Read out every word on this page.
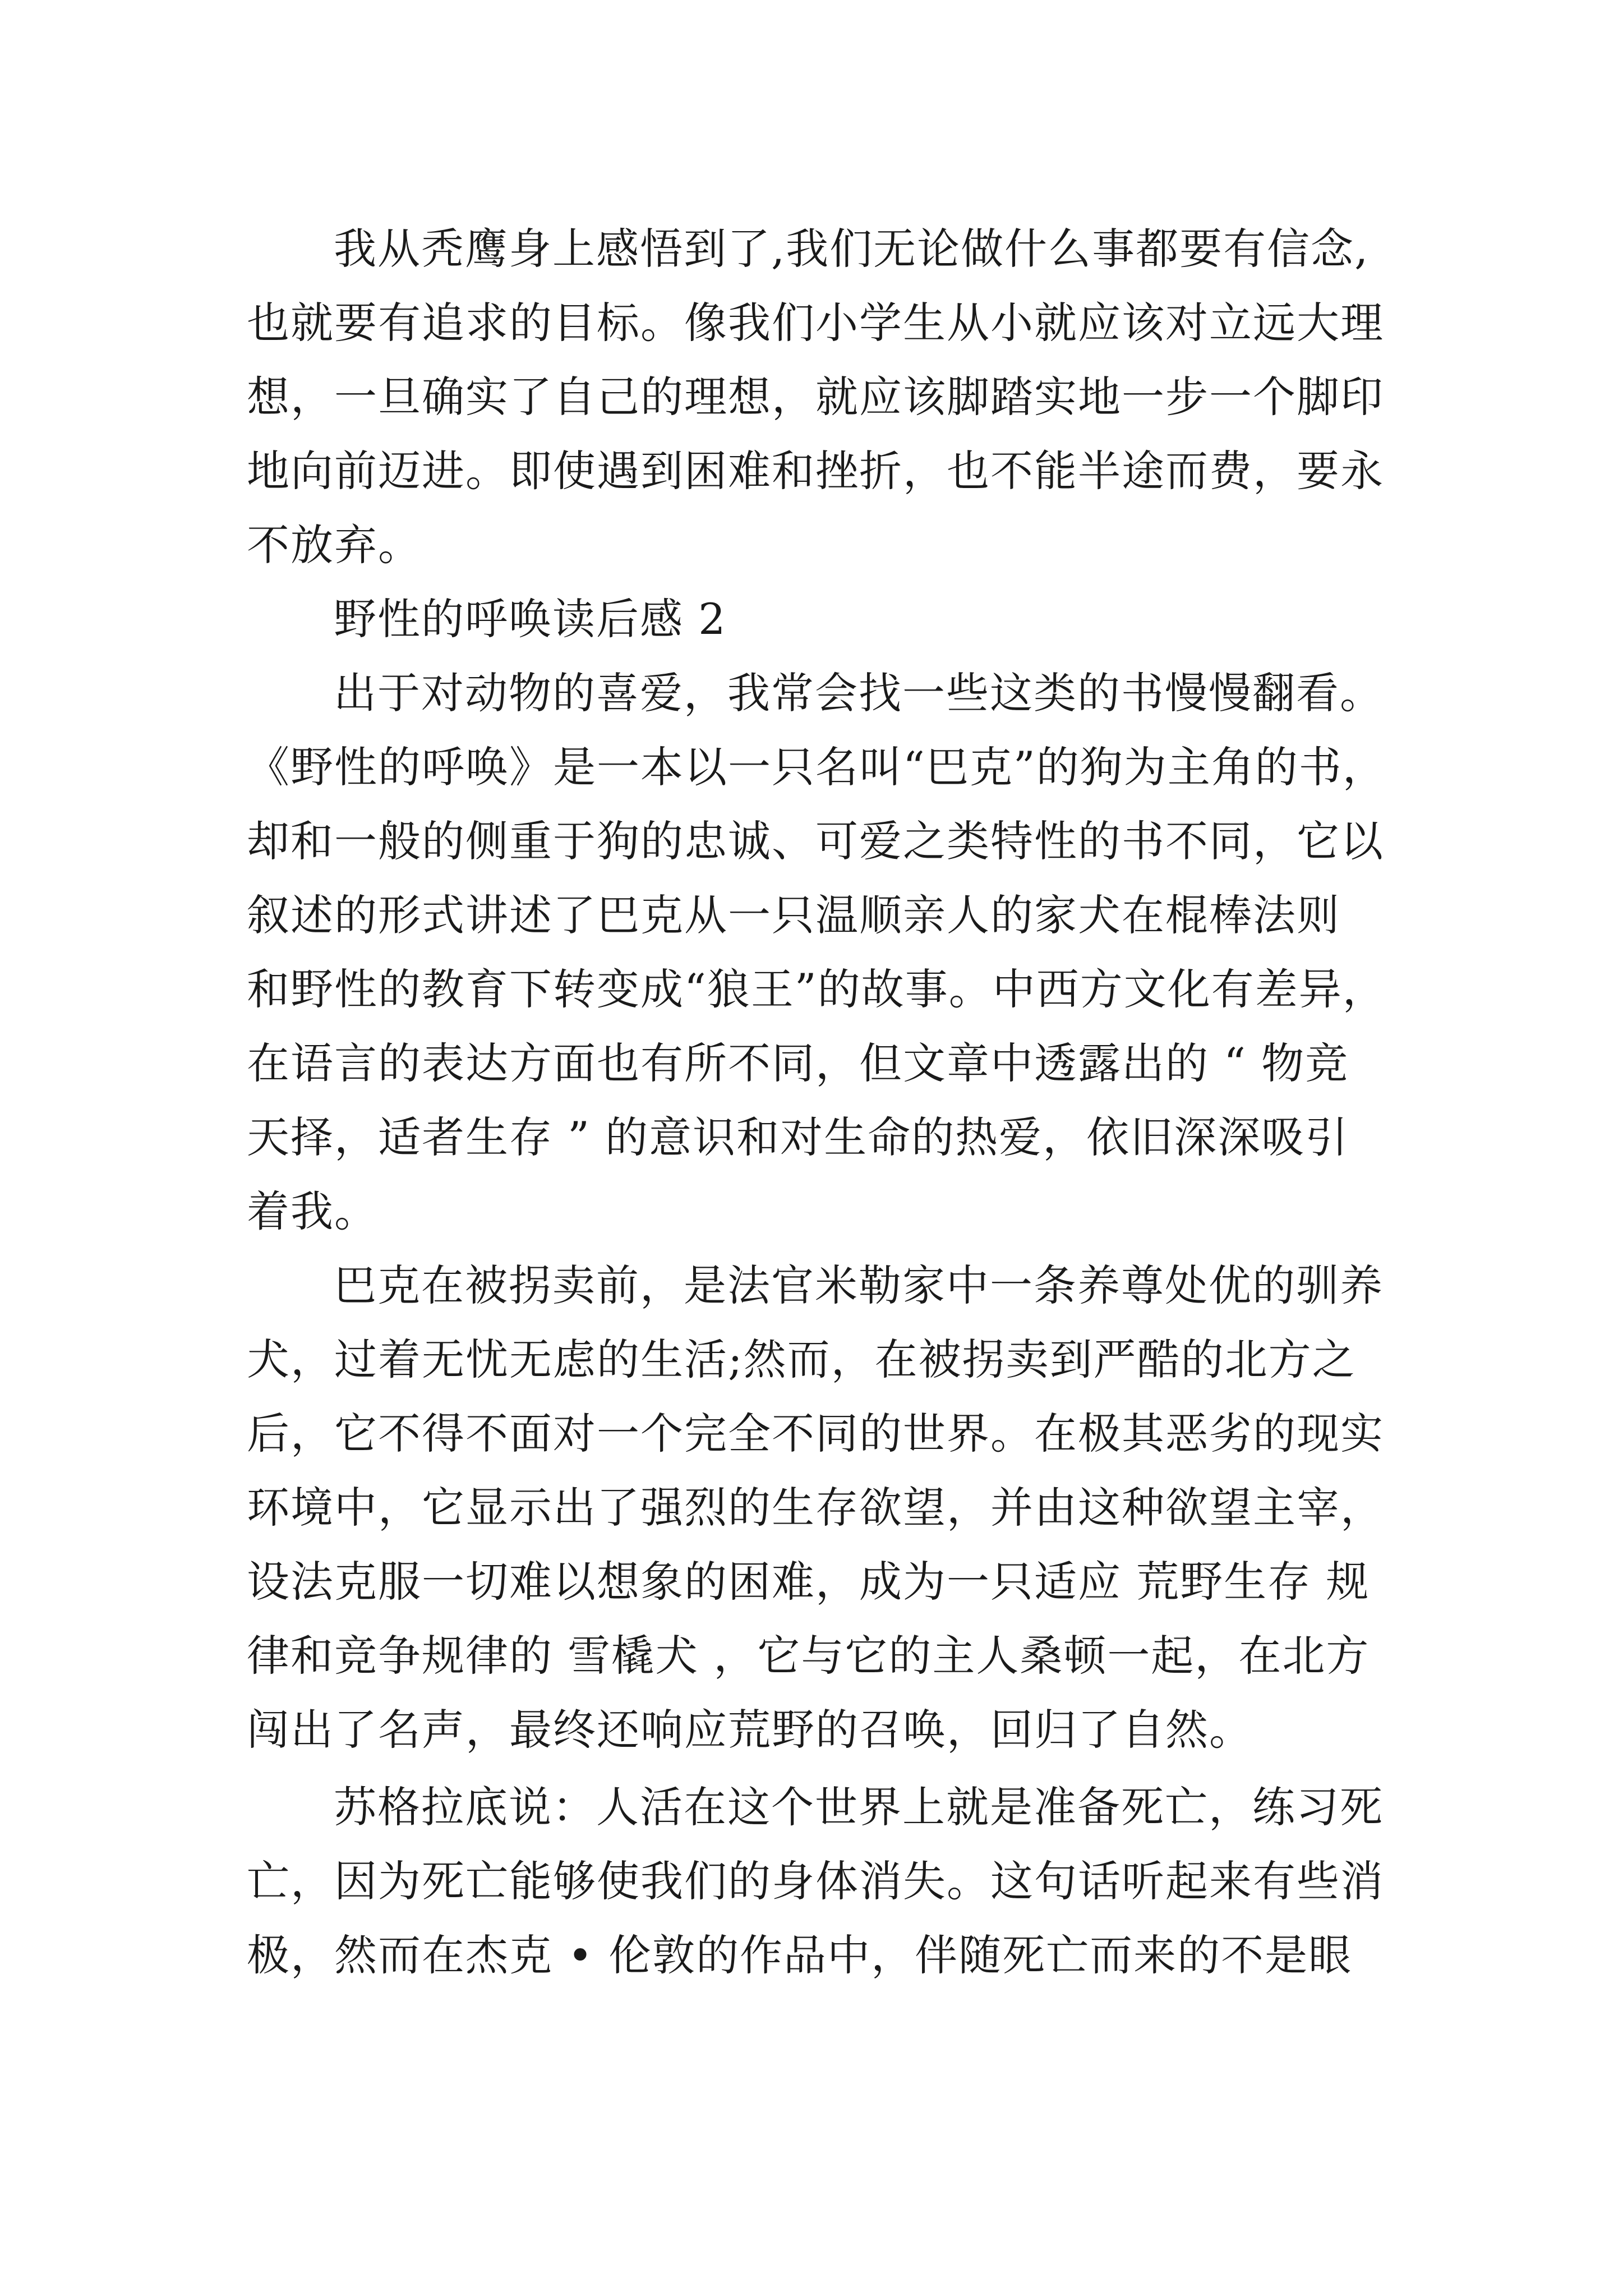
我从秃鹰身上感悟到了,我们无论做什么事都要有信念,

也就要有追求的目标。像我们小学生从小就应该对立远大理

想，一旦确实了自己的理想，就应该脚踏实地一步一个脚印

地向前迈进。即使遇到困难和挫折，也不能半途而费，要永

不放弃。

野性的呼唤读后感 2

出于对动物的喜爱，我常会找一些这类的书慢慢翻看。

《野性的呼唤》是一本以一只名叫“巴克”的狗为主角的书，

却和一般的侧重于狗的忠诚、可爱之类特性的书不同，它以

叙述的形式讲述了巴克从一只温顺亲人的家犬在棍棒法则

和野性的教育下转变成“狼王”的故事。中西方文化有差异，

在语言的表达方面也有所不同，但文章中透露出的 “ 物竞

天择，适者生存 ” 的意识和对生命的热爱，依旧深深吸引

着我。

巴克在被拐卖前，是法官米勒家中一条养尊处优的驯养

犬，过着无忧无虑的生活;然而，在被拐卖到严酷的北方之

后，它不得不面对一个完全不同的世界。在极其恶劣的现实

环境中，它显示出了强烈的生存欲望，并由这种欲望主宰，

设法克服一切难以想象的困难，成为一只适应 荒野生存 规

律和竞争规律的 雪橇犬 ，它与它的主人桑顿一起，在北方

闯出了名声，最终还响应荒野的召唤，回归了自然。

苏格拉底说：人活在这个世界上就是准备死亡，练习死

亡，因为死亡能够使我们的身体消失。这句话听起来有些消

极，然而在杰克 • 伦敦的作品中，伴随死亡而来的不是眼
